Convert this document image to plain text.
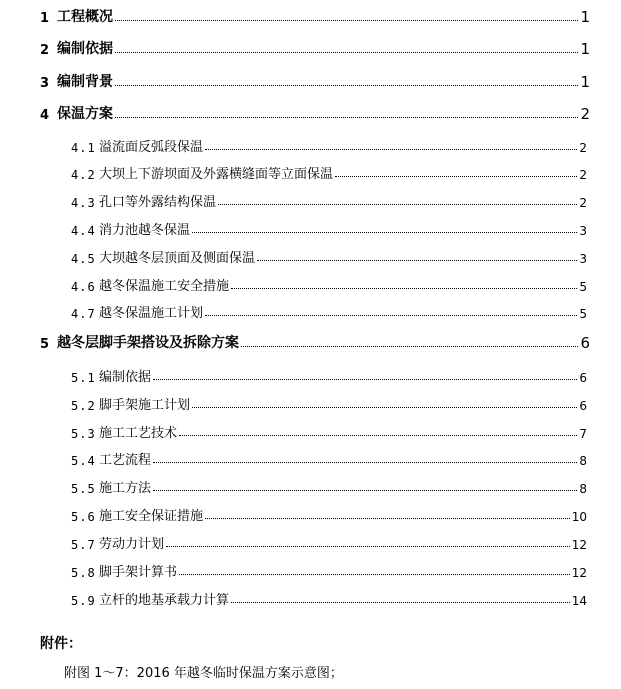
1 工程概况	1
2 编制依据	1
3 编制背景	1
4 保温方案	2
4.1 溢流面反弧段保温	2
4.2 大坝上下游坝面及外露横缝面等立面保温	2
4.3 孔口等外露结构保温	2
4.4 消力池越冬保温	3
4.5 大坝越冬层顶面及侧面保温	3
4.6 越冬保温施工安全措施	5
4.7 越冬保温施工计划	5
5 越冬层脚手架搭设及拆除方案	6
5.1 编制依据	6
5.2 脚手架施工计划	6
5.3 施工工艺技术	7
5.4 工艺流程	8
5.5 施工方法	8
5.6 施工安全保证措施	10
5.7 劳动力计划	12
5.8 脚手架计算书	12
5.9 立杆的地基承载力计算	14
附件：
附图 1～7：2016 年越冬临时保温方案示意图；
